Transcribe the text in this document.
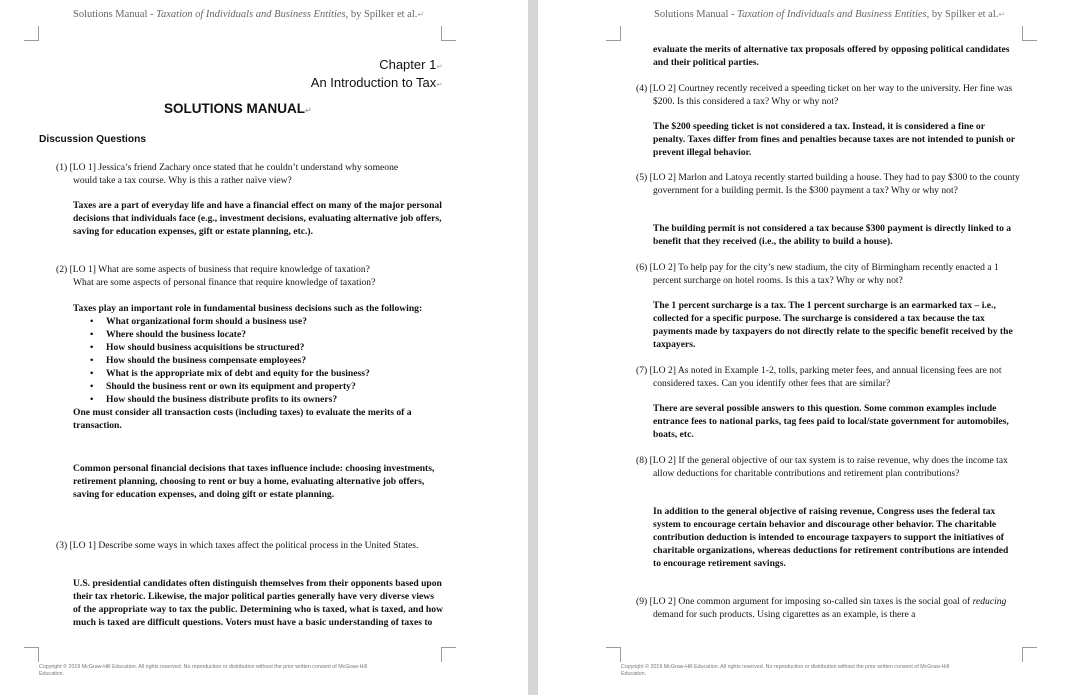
Solutions Manual - Taxation of Individuals and Business Entities, by Spilker et al.↵
Chapter 1↵
An Introduction to Tax↵
SOLUTIONS MANUAL↵
Discussion Questions
(1) [LO 1] Jessica’s friend Zachary once stated that he couldn’t understand why someone would take a tax course. Why is this a rather naïve view?
Taxes are a part of everyday life and have a financial effect on many of the major personal decisions that individuals face (e.g., investment decisions, evaluating alternative job offers, saving for education expenses, gift or estate planning, etc.).
(2) [LO 1] What are some aspects of business that require knowledge of taxation?
What are some aspects of personal finance that require knowledge of taxation?
Taxes play an important role in fundamental business decisions such as the following:
• What organizational form should a business use?
• Where should the business locate?
• How should business acquisitions be structured?
• How should the business compensate employees?
• What is the appropriate mix of debt and equity for the business?
• Should the business rent or own its equipment and property?
• How should the business distribute profits to its owners?
One must consider all transaction costs (including taxes) to evaluate the merits of a transaction.
Common personal financial decisions that taxes influence include: choosing investments, retirement planning, choosing to rent or buy a home, evaluating alternative job offers, saving for education expenses, and doing gift or estate planning.
(3) [LO 1] Describe some ways in which taxes affect the political process in the United States.
U.S. presidential candidates often distinguish themselves from their opponents based upon their tax rhetoric. Likewise, the major political parties generally have very diverse views of the appropriate way to tax the public. Determining who is taxed, what is taxed, and how much is taxed are difficult questions. Voters must have a basic understanding of taxes to
Copyright © 2019 McGraw-Hill Education. All rights reserved. No reproduction or distribution without the prior written consent of McGraw-Hill
Education.
Solutions Manual - Taxation of Individuals and Business Entities, by Spilker et al.↵
evaluate the merits of alternative tax proposals offered by opposing political candidates and their political parties.
(4) [LO 2] Courtney recently received a speeding ticket on her way to the university. Her fine was $200. Is this considered a tax? Why or why not?
The $200 speeding ticket is not considered a tax. Instead, it is considered a fine or penalty. Taxes differ from fines and penalties because taxes are not intended to punish or prevent illegal behavior.
(5) [LO 2] Marlon and Latoya recently started building a house. They had to pay $300 to the county government for a building permit. Is the $300 payment a tax? Why or why not?
The building permit is not considered a tax because $300 payment is directly linked to a benefit that they received (i.e., the ability to build a house).
(6) [LO 2] To help pay for the city’s new stadium, the city of Birmingham recently enacted a 1 percent surcharge on hotel rooms. Is this a tax? Why or why not?
The 1 percent surcharge is a tax. The 1 percent surcharge is an earmarked tax – i.e., collected for a specific purpose. The surcharge is considered a tax because the tax payments made by taxpayers do not directly relate to the specific benefit received by the taxpayers.
(7) [LO 2] As noted in Example 1-2, tolls, parking meter fees, and annual licensing fees are not considered taxes. Can you identify other fees that are similar?
There are several possible answers to this question. Some common examples include entrance fees to national parks, tag fees paid to local/state government for automobiles, boats, etc.
(8) [LO 2] If the general objective of our tax system is to raise revenue, why does the income tax allow deductions for charitable contributions and retirement plan contributions?
In addition to the general objective of raising revenue, Congress uses the federal tax system to encourage certain behavior and discourage other behavior. The charitable contribution deduction is intended to encourage taxpayers to support the initiatives of charitable organizations, whereas deductions for retirement contributions are intended to encourage retirement savings.
(9) [LO 2] One common argument for imposing so-called sin taxes is the social goal of reducing demand for such products. Using cigarettes as an example, is there a
Copyright © 2019 McGraw-Hill Education. All rights reserved. No reproduction or distribution without the prior written consent of McGraw-Hill
Education.
